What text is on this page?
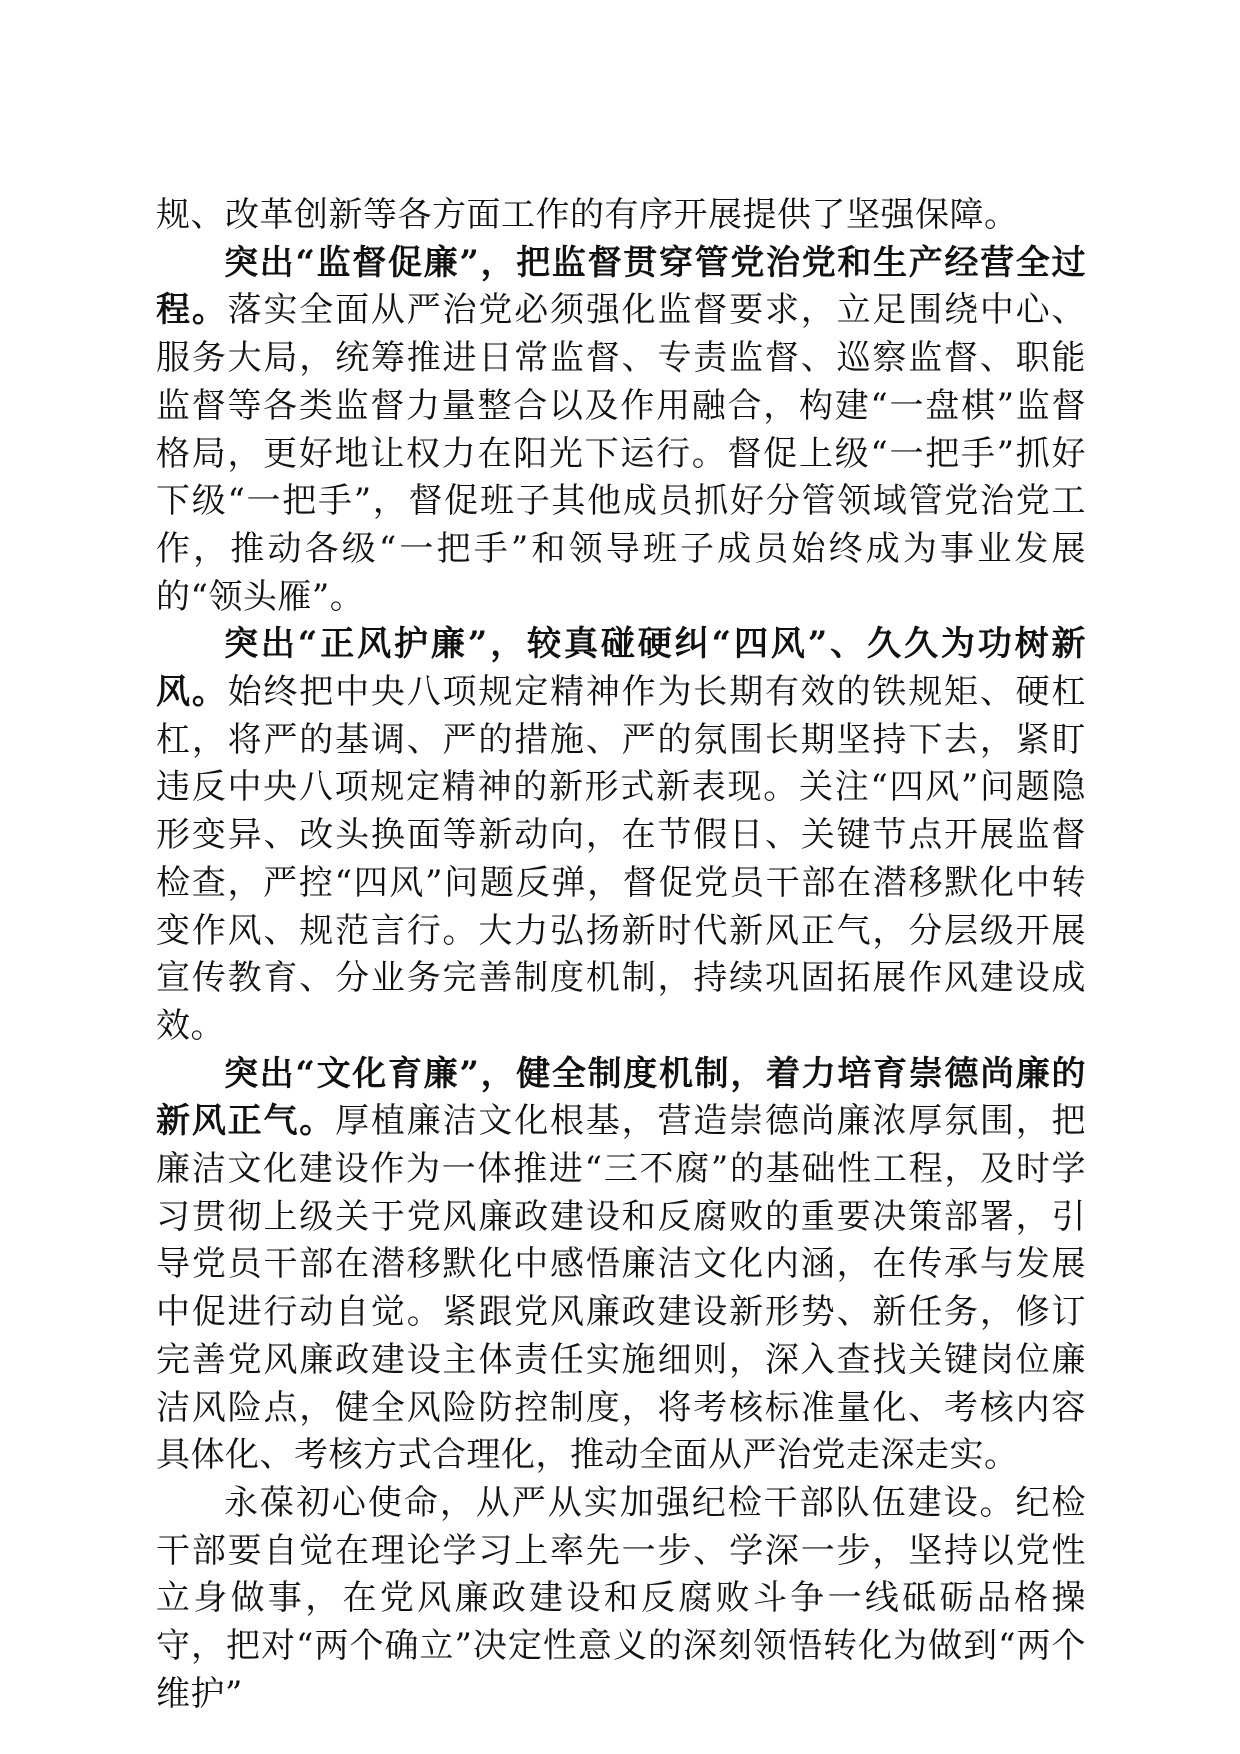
规、改革创新等各方面工作的有序开展提供了坚强保障。

突出“监督促廉”，把监督贯穿管党治党和生产经营全过程。落实全面从严治党必须强化监督要求，立足围绕中心、服务大局，统筹推进日常监督、专责监督、巡察监督、职能监督等各类监督力量整合以及作用融合，构建“一盘棋”监督格局，更好地让权力在阳光下运行。督促上级“一把手”抓好下级“一把手”，督促班子其他成员抓好分管领域管党治党工作，推动各级“一把手”和领导班子成员始终成为事业发展的“领头雁”。

突出“正风护廉”，较真碰硬纠“四风”、久久为功树新风。始终把中央八项规定精神作为长期有效的铁规矩、硬杠杠，将严的基调、严的措施、严的氛围长期坚持下去，紧盯违反中央八项规定精神的新形式新表现。关注“四风”问题隐形变异、改头换面等新动向，在节假日、关键节点开展监督检查，严控“四风”问题反弹，督促党员干部在潜移默化中转变作风、规范言行。大力弘扬新时代新风正气，分层级开展宣传教育、分业务完善制度机制，持续巩固拓展作风建设成效。

突出“文化育廉”，健全制度机制，着力培育崇德尚廉的新风正气。厚植廉洁文化根基，营造崇德尚廉浓厚氛围，把廉洁文化建设作为一体推进“三不腐”的基础性工程，及时学习贯彻上级关于党风廉政建设和反腐败的重要决策部署，引导党员干部在潜移默化中感悟廉洁文化内涵，在传承与发展中促进行动自觉。紧跟党风廉政建设新形势、新任务，修订完善党风廉政建设主体责任实施细则，深入查找关键岗位廉洁风险点，健全风险防控制度，将考核标准量化、考核内容具体化、考核方式合理化，推动全面从严治党走深走实。

永葆初心使命，从严从实加强纪检干部队伍建设。纪检干部要自觉在理论学习上率先一步、学深一步，坚持以党性立身做事，在党风廉政建设和反腐败斗争一线砥砺品格操守，把对“两个确立”决定性意义的深刻领悟转化为做到“两个维护”
